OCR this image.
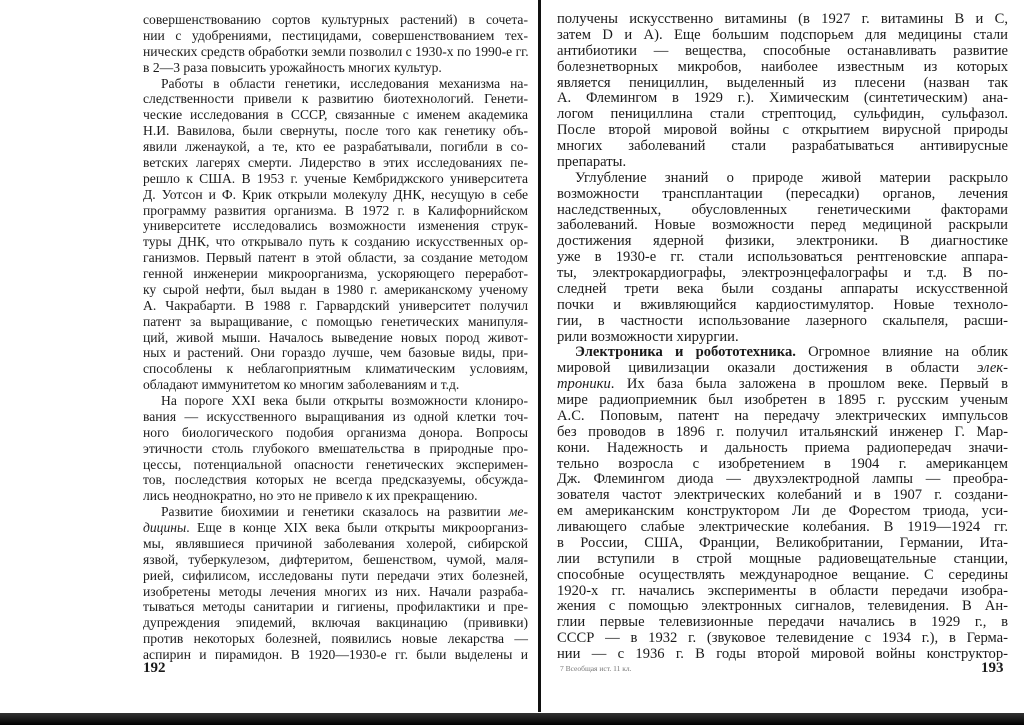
совершенствованию сортов культурных растений) в сочета-
нии с удобрениями, пестицидами, совершенствованием тех-
нических средств обработки земли позволил с 1930-х по 1990-е гг.
в 2—3 раза повысить урожайность многих культур.
Работы в области генетики, исследования механизма на-
следственности привели к развитию биотехнологий. Генети-
ческие исследования в СССР, связанные с именем академика
Н.И. Вавилова, были свернуты, после того как генетику объ-
явили лженаукой, а те, кто ее разрабатывали, погибли в со-
ветских лагерях смерти. Лидерство в этих исследованиях пе-
решло к США. В 1953 г. ученые Кембриджского университета
Д. Уотсон и Ф. Крик открыли молекулу ДНК, несущую в себе
программу развития организма. В 1972 г. в Калифорнийском
университете исследовались возможности изменения струк-
туры ДНК, что открывало путь к созданию искусственных ор-
ганизмов. Первый патент в этой области, за создание методом
генной инженерии микроорганизма, ускоряющего переработ-
ку сырой нефти, был выдан в 1980 г. американскому ученому
А. Чакрабарти. В 1988 г. Гарвардский университет получил
патент за выращивание, с помощью генетических манипуля-
ций, живой мыши. Началось выведение новых пород живот-
ных и растений. Они гораздо лучше, чем базовые виды, при-
способлены к неблагоприятным климатическим условиям,
обладают иммунитетом ко многим заболеваниям и т.д.
На пороге XXI века были открыты возможности клониро-
вания — искусственного выращивания из одной клетки точ-
ного биологического подобия организма донора. Вопросы
этичности столь глубокого вмешательства в природные про-
цессы, потенциальной опасности генетических эксперимен-
тов, последствия которых не всегда предсказуемы, обсужда-
лись неоднократно, но это не привело к их прекращению.
Развитие биохимии и генетики сказалось на развитии ме-
дицины. Еще в конце XIX века были открыты микроорганиз-
мы, являвшиеся причиной заболевания холерой, сибирской
язвой, туберкулезом, дифтеритом, бешенством, чумой, маля-
рией, сифилисом, исследованы пути передачи этих болезней,
изобретены методы лечения многих из них. Начали разраба-
тываться методы санитарии и гигиены, профилактики и пре-
дупреждения эпидемий, включая вакцинацию (прививки)
против некоторых болезней, появились новые лекарства —
аспирин и пирамидон. В 1920—1930-е гг. были выделены и
192
получены искусственно витамины (в 1927 г. витамины В и С,
затем D и А). Еще большим подспорьем для медицины стали
антибиотики — вещества, способные останавливать развитие
болезнетворных микробов, наиболее известным из которых
является пенициллин, выделенный из плесени (назван так
А. Флемингом в 1929 г.). Химическим (синтетическим) ана-
логом пенициллина стали стрептоцид, сульфидин, сульфазол.
После второй мировой войны с открытием вирусной природы
многих заболеваний стали разрабатываться антивирусные
препараты.
Углубление знаний о природе живой материи раскрыло
возможности трансплантации (пересадки) органов, лечения
наследственных, обусловленных генетическими факторами
заболеваний. Новые возможности перед медициной раскрыли
достижения ядерной физики, электроники. В диагностике
уже в 1930-е гг. стали использоваться рентгеновские аппара-
ты, электрокардиографы, электроэнцефалографы и т.д. В по-
следней трети века были созданы аппараты искусственной
почки и вживляющийся кардиостимулятор. Новые техноло-
гии, в частности использование лазерного скальпеля, расши-
рили возможности хирургии.
Электроника и робототехника. Огромное влияние на облик
мировой цивилизации оказали достижения в области элек-
троники. Их база была заложена в прошлом веке. Первый в
мире радиоприемник был изобретен в 1895 г. русским ученым
А.С. Поповым, патент на передачу электрических импульсов
без проводов в 1896 г. получил итальянский инженер Г. Мар-
кони. Надежность и дальность приема радиопередач значи-
тельно возросла с изобретением в 1904 г. американцем
Дж. Флемингом диода — двухэлектродной лампы — преобра-
зователя частот электрических колебаний и в 1907 г. создани-
ем американским конструктором Ли де Форестом триода, уси-
ливающего слабые электрические колебания. В 1919—1924 гг.
в России, США, Франции, Великобритании, Германии, Ита-
лии вступили в строй мощные радиовещательные станции,
способные осуществлять международное вещание. С середины
1920-х гг. начались эксперименты в области передачи изобра-
жения с помощью электронных сигналов, телевидения. В Ан-
глии первые телевизионные передачи начались в 1929 г., в
СССР — в 1932 г. (звуковое телевидение с 1934 г.), в Герма-
нии — с 1936 г. В годы второй мировой войны конструктор-
7 Всеобщая ист. 11 кл.	193
